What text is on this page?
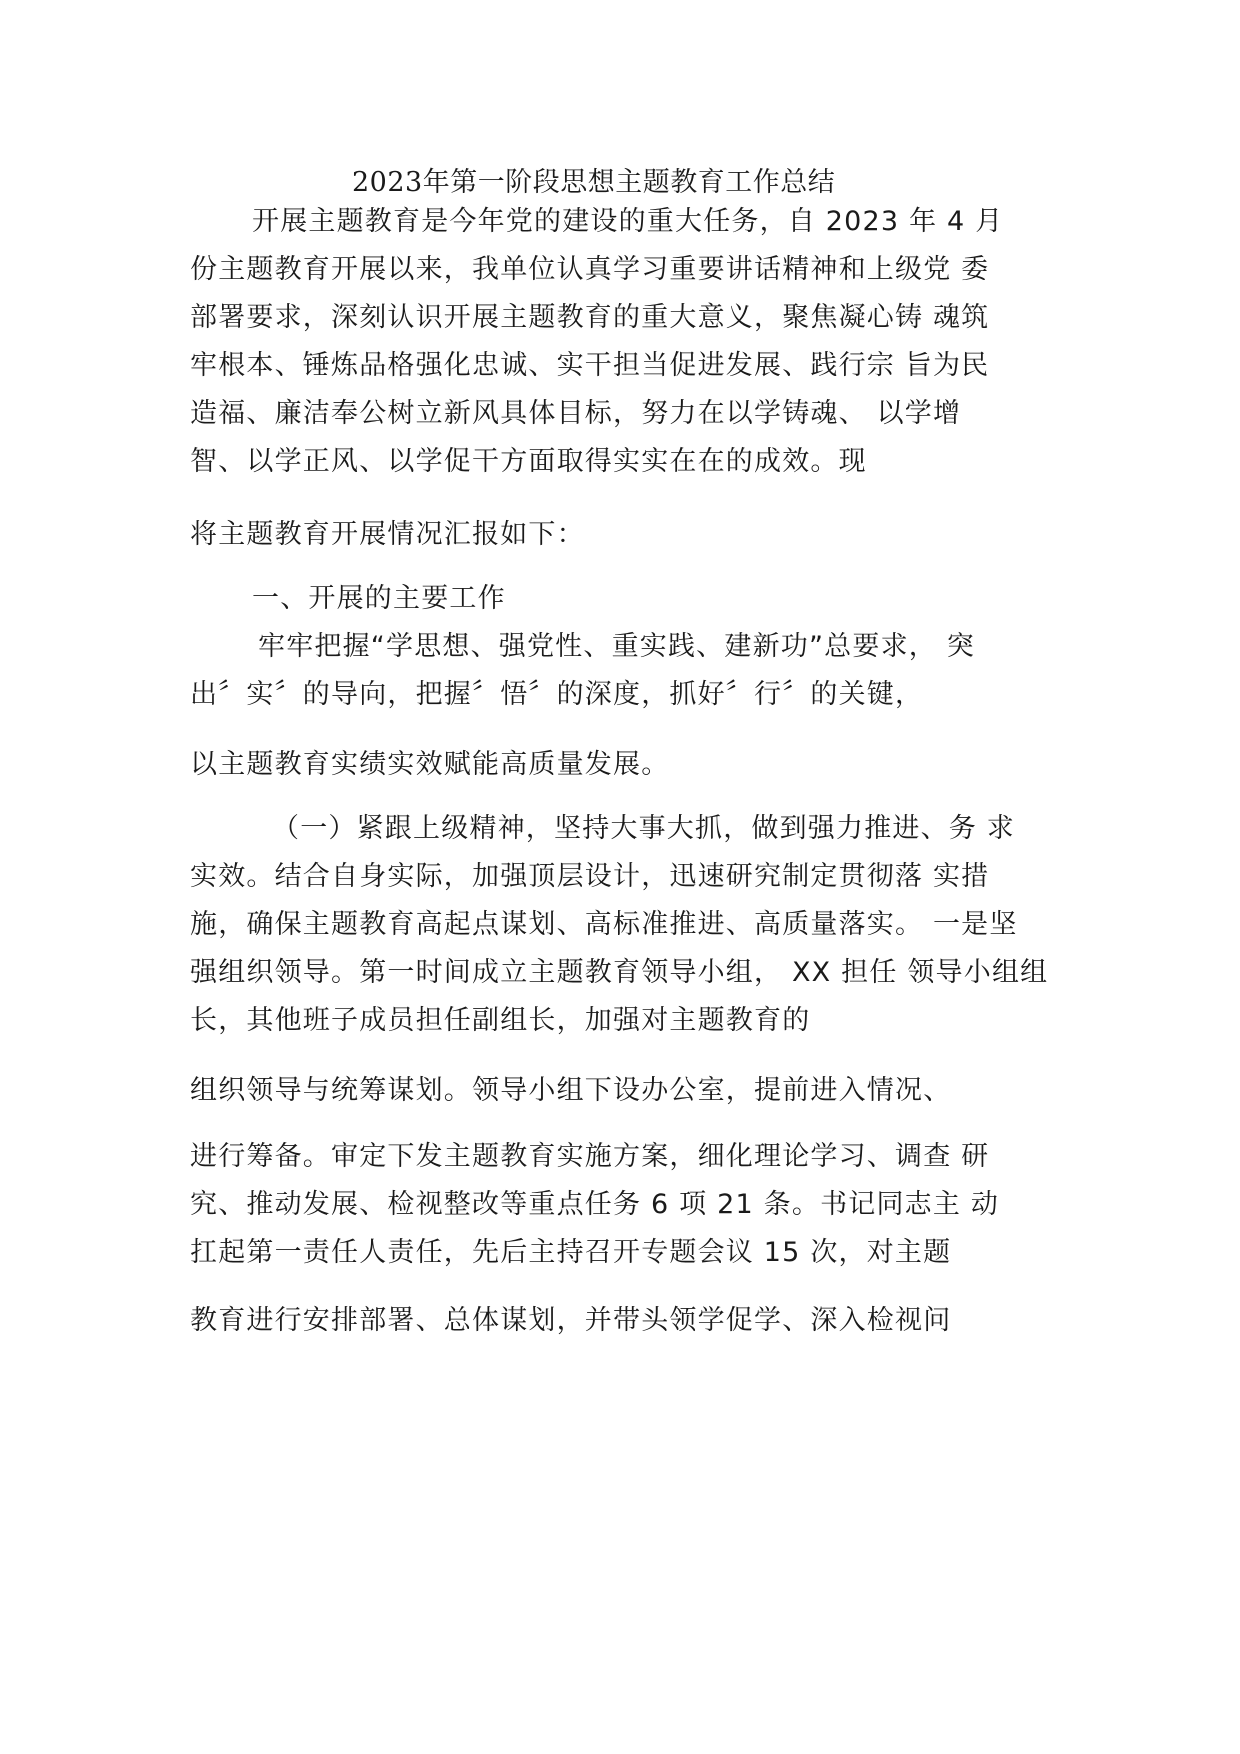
2023年第一阶段思想主题教育工作总结
开展主题教育是今年党的建设的重大任务，自 2023 年 4 月
份主题教育开展以来，我单位认真学习重要讲话精神和上级党 委
部署要求，深刻认识开展主题教育的重大意义，聚焦凝心铸 魂筑
牢根本、锤炼品格强化忠诚、实干担当促进发展、践行宗 旨为民
造福、廉洁奉公树立新风具体目标，努力在以学铸魂、 以学增
智、以学正风、以学促干方面取得实实在在的成效。现
将主题教育开展情况汇报如下：
一、开展的主要工作
牢牢把握“学思想、强党性、重实践、建新功”总要求， 突
出〞实〞的导向，把握〞悟〞的深度，抓好〞行〞的关键，
以主题教育实绩实效赋能高质量发展。
（一）紧跟上级精神，坚持大事大抓，做到强力推进、务 求
实效。结合自身实际，加强顶层设计，迅速研究制定贯彻落 实措
施，确保主题教育高起点谋划、高标准推进、高质量落实。 一是坚
强组织领导。第一时间成立主题教育领导小组， XX 担任 领导小组组
长，其他班子成员担任副组长，加强对主题教育的
组织领导与统筹谋划。领导小组下设办公室，提前进入情况、
进行筹备。审定下发主题教育实施方案，细化理论学习、调查 研
究、推动发展、检视整改等重点任务 6 项 21 条。书记同志主 动
扛起第一责任人责任，先后主持召开专题会议 15 次，对主题
教育进行安排部署、总体谋划，并带头领学促学、深入检视问
